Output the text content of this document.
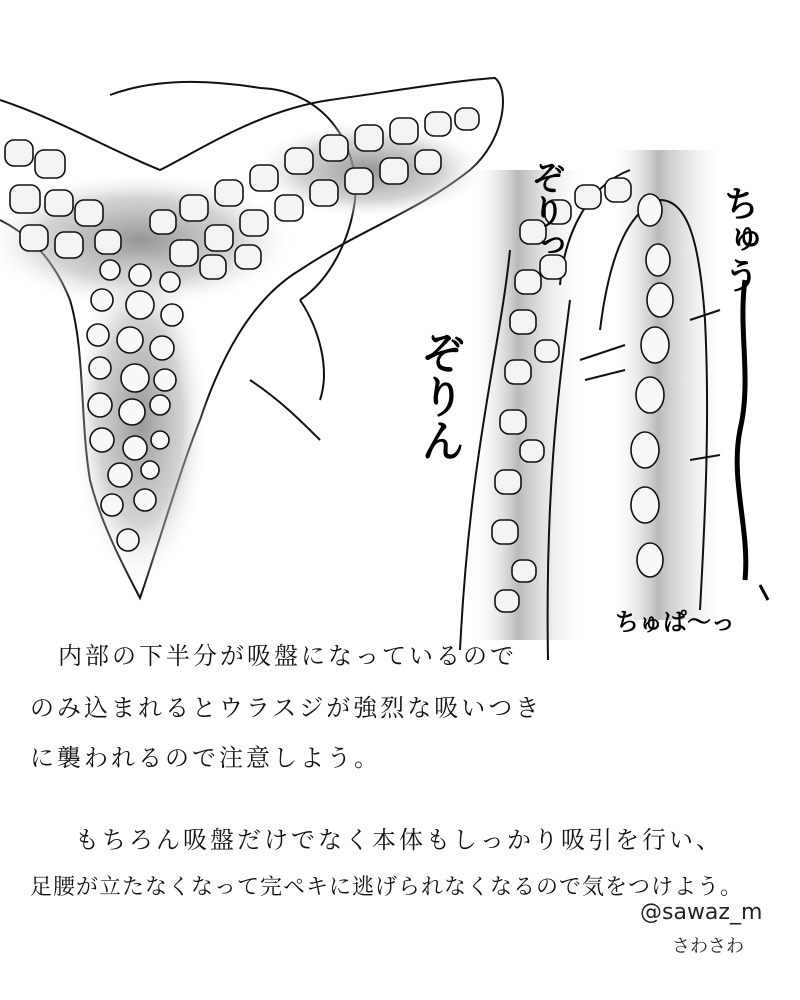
ぞりっ
ぞりん
ちゅう
ちゅぱ〜っ
内部の下半分が吸盤になっているので
のみ込まれるとウラスジが強烈な吸いつき
に襲われるので注意しよう。
もちろん吸盤だけでなく本体もしっかり吸引を行い、
足腰が立たなくなって完ペキに逃げられなくなるので気をつけよう。
@sawaz_m
さわさわ
